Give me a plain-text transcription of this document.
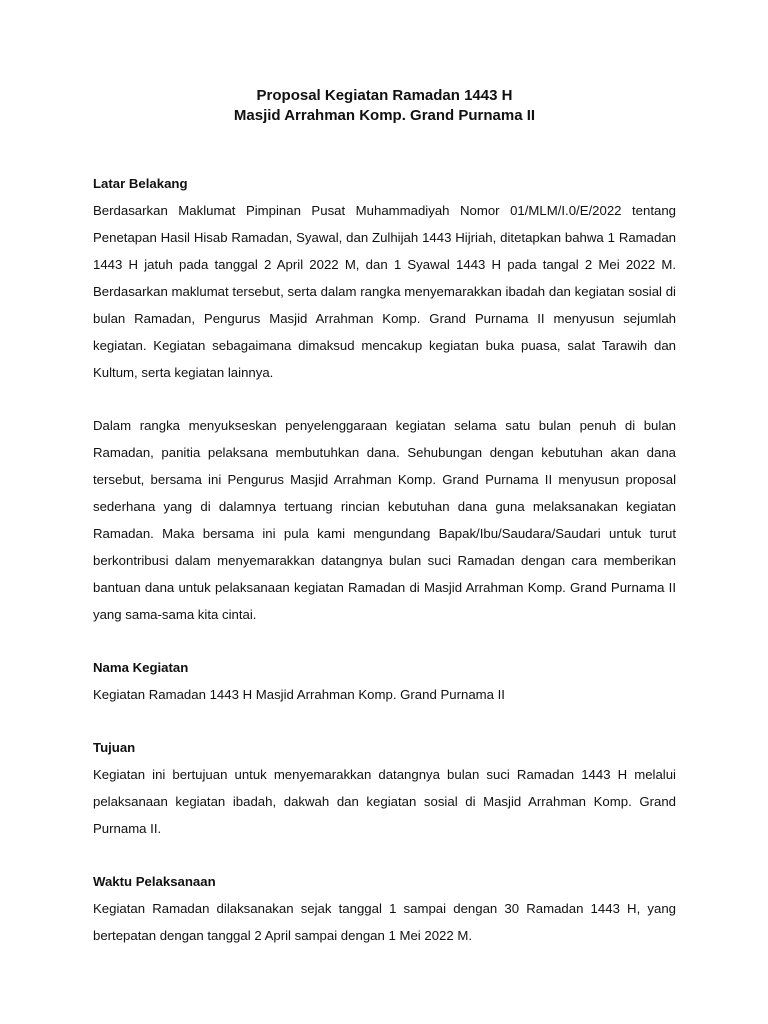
Proposal Kegiatan Ramadan 1443 H
Masjid Arrahman Komp. Grand Purnama II
Latar Belakang

Berdasarkan Maklumat Pimpinan Pusat Muhammadiyah Nomor 01/MLM/I.0/E/2022 tentang Penetapan Hasil Hisab Ramadan, Syawal, dan Zulhijah 1443 Hijriah, ditetapkan bahwa 1 Ramadan 1443 H jatuh pada tanggal 2 April 2022 M, dan 1 Syawal 1443 H pada tangal 2 Mei 2022 M. Berdasarkan maklumat tersebut, serta dalam rangka menyemarakkan ibadah dan kegiatan sosial di bulan Ramadan, Pengurus Masjid Arrahman Komp. Grand Purnama II menyusun sejumlah kegiatan. Kegiatan sebagaimana dimaksud mencakup kegiatan buka puasa, salat Tarawih dan Kultum, serta kegiatan lainnya.

Dalam rangka menyukseskan penyelenggaraan kegiatan selama satu bulan penuh di bulan Ramadan, panitia pelaksana membutuhkan dana. Sehubungan dengan kebutuhan akan dana tersebut, bersama ini Pengurus Masjid Arrahman Komp. Grand Purnama II menyusun proposal sederhana yang di dalamnya tertuang rincian kebutuhan dana guna melaksanakan kegiatan Ramadan. Maka bersama ini pula kami mengundang Bapak/Ibu/Saudara/Saudari untuk turut berkontribusi dalam menyemarakkan datangnya bulan suci Ramadan dengan cara memberikan bantuan dana untuk pelaksanaan kegiatan Ramadan di Masjid Arrahman Komp. Grand Purnama II yang sama-sama kita cintai.

Nama Kegiatan

Kegiatan Ramadan 1443 H Masjid Arrahman Komp. Grand Purnama II

Tujuan

Kegiatan ini bertujuan untuk menyemarakkan datangnya bulan suci Ramadan 1443 H melalui pelaksanaan kegiatan ibadah, dakwah dan kegiatan sosial di Masjid Arrahman Komp. Grand Purnama II.

Waktu Pelaksanaan

Kegiatan Ramadan dilaksanakan sejak tanggal 1 sampai dengan 30 Ramadan 1443 H, yang bertepatan dengan tanggal 2 April sampai dengan 1 Mei 2022 M.
